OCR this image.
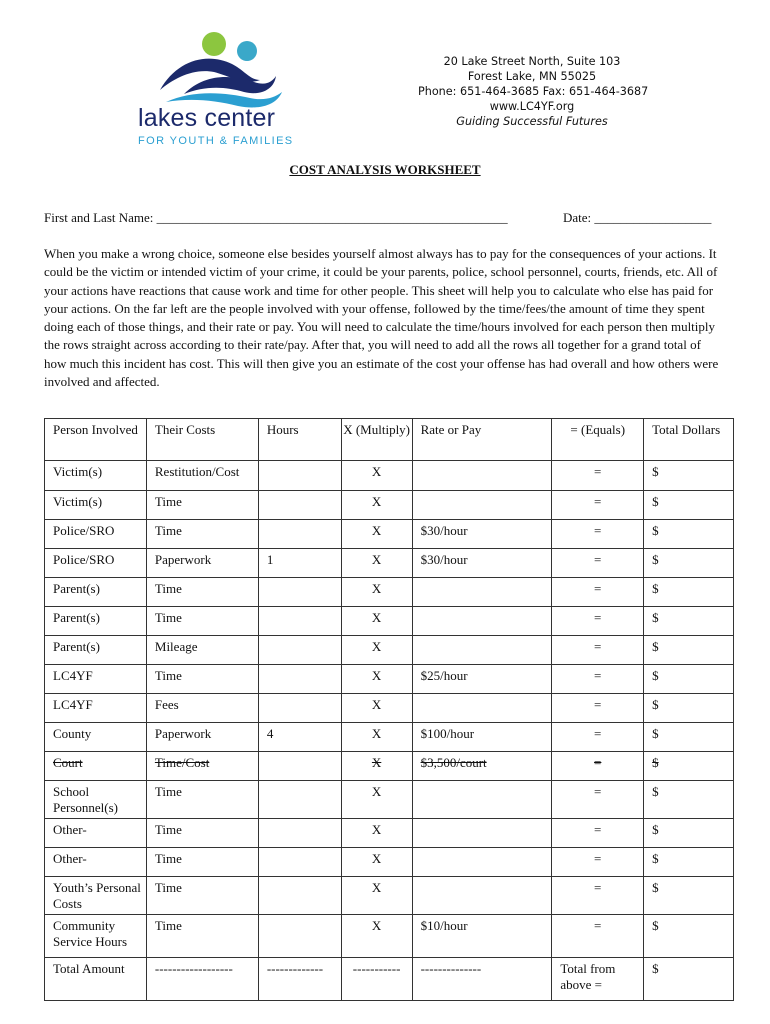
lakes center
FOR YOUTH & FAMILIES
20 Lake Street North, Suite 103
Forest Lake, MN 55025
Phone: 651-464-3685 Fax: 651-464-3687
www.LC4YF.org
Guiding Successful Futures
COST ANALYSIS WORKSHEET
First and Last Name: ______________________________________________________	Date: __________________
When you make a wrong choice, someone else besides yourself almost always has to pay for the consequences of your actions. It could be the victim or intended victim of your crime, it could be your parents, police, school personnel, courts, friends, etc. All of your actions have reactions that cause work and time for other people. This sheet will help you to calculate who else has paid for your actions. On the far left are the people involved with your offense, followed by the time/fees/the amount of time they spent doing each of those things, and their rate or pay. You will need to calculate the time/hours involved for each person then multiply the rows straight across according to their rate/pay. After that, you will need to add all the rows all together for a grand total of how much this incident has cost. This will then give you an estimate of the cost your offense has had overall and how others were involved and affected.
Person Involved	Their Costs	Hours	X (Multiply)	Rate or Pay	= (Equals)	Total Dollars
Victim(s)	Restitution/Cost		X		=	$
Victim(s)	Time		X		=	$
Police/SRO	Time		X	$30/hour	=	$
Police/SRO	Paperwork	1	X	$30/hour	=	$
Parent(s)	Time		X		=	$
Parent(s)	Time		X		=	$
Parent(s)	Mileage		X		=	$
LC4YF	Time		X	$25/hour	=	$
LC4YF	Fees		X		=	$
County	Paperwork	4	X	$100/hour	=	$
Court	Time/Cost		X	$3,500/court	=	$
School Personnel(s)	Time		X		=	$
Other-	Time		X		=	$
Other-	Time		X		=	$
Youth’s Personal Costs	Time		X		=	$
Community Service Hours	Time		X	$10/hour	=	$
Total Amount	------------------	-------------	-----------	--------------	Total from above =	$
